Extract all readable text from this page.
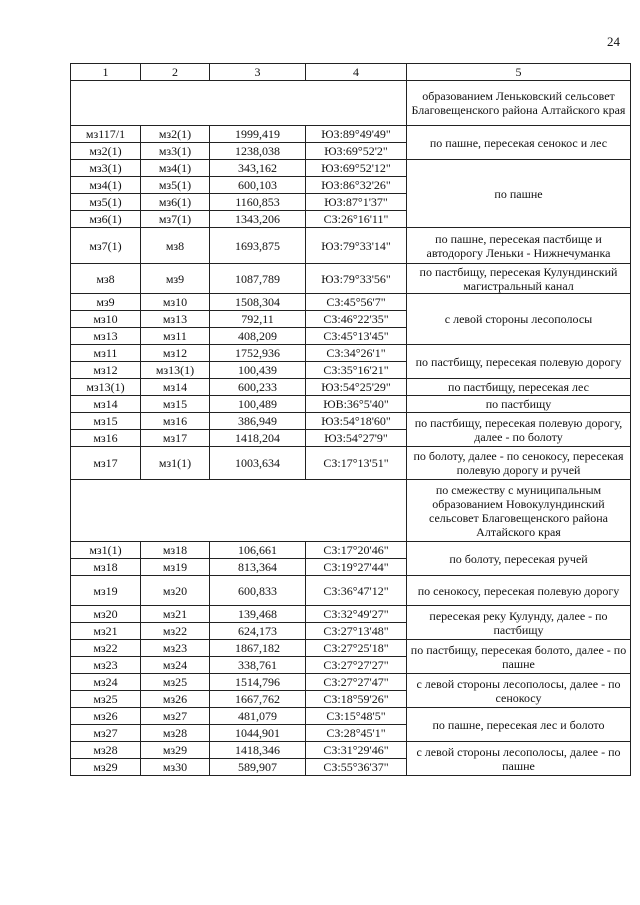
24
1	2	3	4	5
				образованием Леньковский сельсовет Благовещенского района Алтайского края
мз117/1	мз2(1)	1999,419	ЮЗ:89°49'49"	по пашне, пересекая сенокос и лес
мз2(1)	мз3(1)	1238,038	ЮЗ:69°52'2"	
мз3(1)	мз4(1)	343,162	ЮЗ:69°52'12"	по пашне
мз4(1)	мз5(1)	600,103	ЮЗ:86°32'26"	
мз5(1)	мз6(1)	1160,853	ЮЗ:87°1'37"	
мз6(1)	мз7(1)	1343,206	СЗ:26°16'11"	
мз7(1)	мз8	1693,875	ЮЗ:79°33'14"	по пашне, пересекая пастбище и автодорогу Леньки - Нижнечуманка
мз8	мз9	1087,789	ЮЗ:79°33'56"	по пастбищу, пересекая Кулундинский магистральный канал
мз9	мз10	1508,304	СЗ:45°56'7"	с левой стороны лесополосы
мз10	мз13	792,11	СЗ:46°22'35"	
мз13	мз11	408,209	СЗ:45°13'45"	
мз11	мз12	1752,936	СЗ:34°26'1"	по пастбищу, пересекая полевую дорогу
мз12	мз13(1)	100,439	СЗ:35°16'21"	
мз13(1)	мз14	600,233	ЮЗ:54°25'29"	по пастбищу, пересекая лес
мз14	мз15	100,489	ЮВ:36°5'40"	по пастбищу
мз15	мз16	386,949	ЮЗ:54°18'60"	по пастбищу, пересекая полевую дорогу, далее - по болоту
мз16	мз17	1418,204	ЮЗ:54°27'9"	
мз17	мз1(1)	1003,634	СЗ:17°13'51"	по болоту, далее - по сенокосу, пересекая полевую дорогу и ручей
				по смежеству с муниципальным образованием Новокулундинский сельсовет Благовещенского района Алтайского края
мз1(1)	мз18	106,661	СЗ:17°20'46"	по болоту, пересекая ручей
мз18	мз19	813,364	СЗ:19°27'44"	
мз19	мз20	600,833	СЗ:36°47'12"	по сенокосу, пересекая полевую дорогу
мз20	мз21	139,468	СЗ:32°49'27"	пересекая реку Кулунду, далее - по пастбищу
мз21	мз22	624,173	СЗ:27°13'48"	
мз22	мз23	1867,182	СЗ:27°25'18"	по пастбищу, пересекая болото, далее - по пашне
мз23	мз24	338,761	СЗ:27°27'27"	
мз24	мз25	1514,796	СЗ:27°27'47"	с левой стороны лесополосы, далее - по сенокосу
мз25	мз26	1667,762	СЗ:18°59'26"	
мз26	мз27	481,079	СЗ:15°48'5"	по пашне, пересекая лес и болото
мз27	мз28	1044,901	СЗ:28°45'1"	
мз28	мз29	1418,346	СЗ:31°29'46"	с левой стороны лесополосы, далее - по пашне
мз29	мз30	589,907	СЗ:55°36'37"	
